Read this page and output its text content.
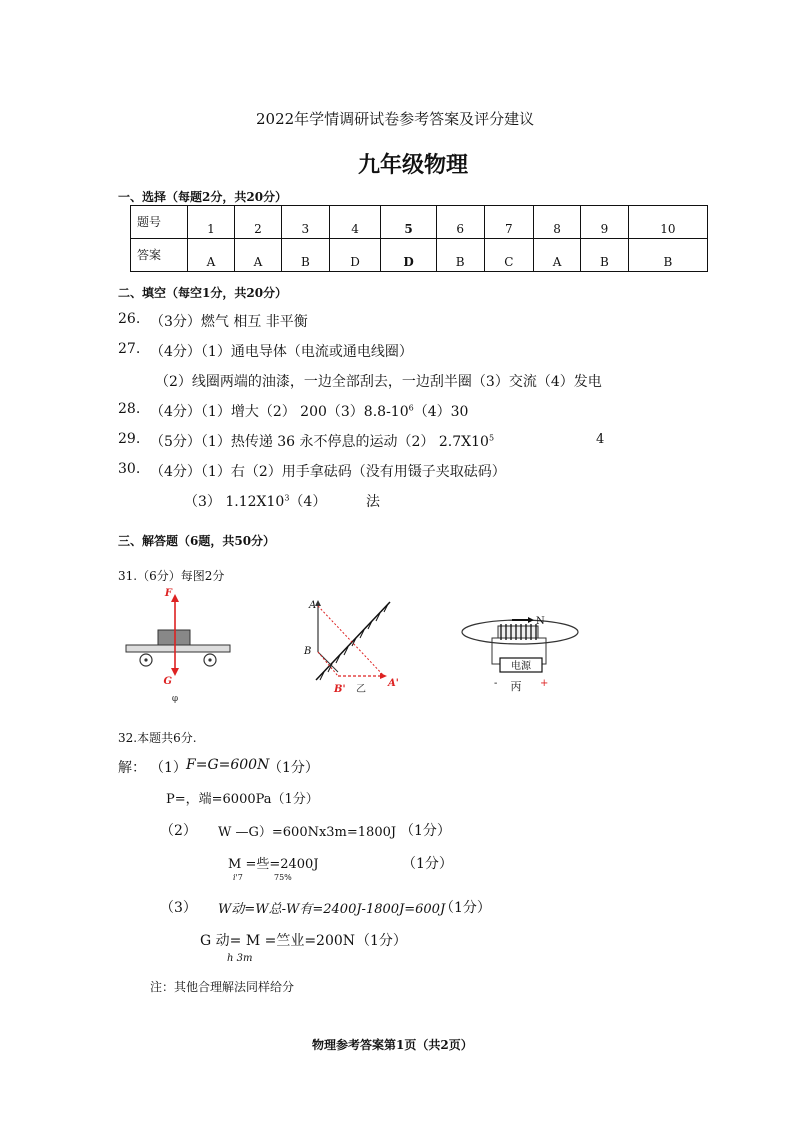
2022年学情调研试卷参考答案及评分建议
九年级物理
一、选择（每题2分，共20分）
题号	1	2	3	4	5	6	7	8	9	10
答案	A	A	B	D	D	B	C	A	B	B
二、填空（每空1分，共20分）
26. （3分）燃气 相互 非平衡
27. （4分）（1）通电导体（电流或通电线圈）
（2）线圈两端的油漆，一边全部刮去，一边刮半圈（3）交流（4）发电
28. （4分）（1）增大（2） $200(3)8.8-10^6(4)30$
29. （5分）（1）热传递 36 永不停息的运动（2） $2.7X10^5$	4
30. （4分）（1）右（2）用手拿砝码（没有用镊子夹取砝码）
（3） $1.12X10^3(4)$	法
三、解答题（6题，共50分）
31.（6分）每图2分
F
G
φ
A
B
B'
A'
乙
N
电源
-	+
丙
32.本题共6分.
解： （1） F=G=600N
（1分）
P=，端=6000Pa（1分）
（2） W —G）=600Nx3m=1800J （1分）
M =些=2400J	（1分）
𝑖'7	75%
（3） W动=W总-W有=2400J-1800J=600J
（1分）
G 动= M =竺业=200N （1分）
h 3m
注：其他合理解法同样给分
物理参考答案第1页（共2页）
